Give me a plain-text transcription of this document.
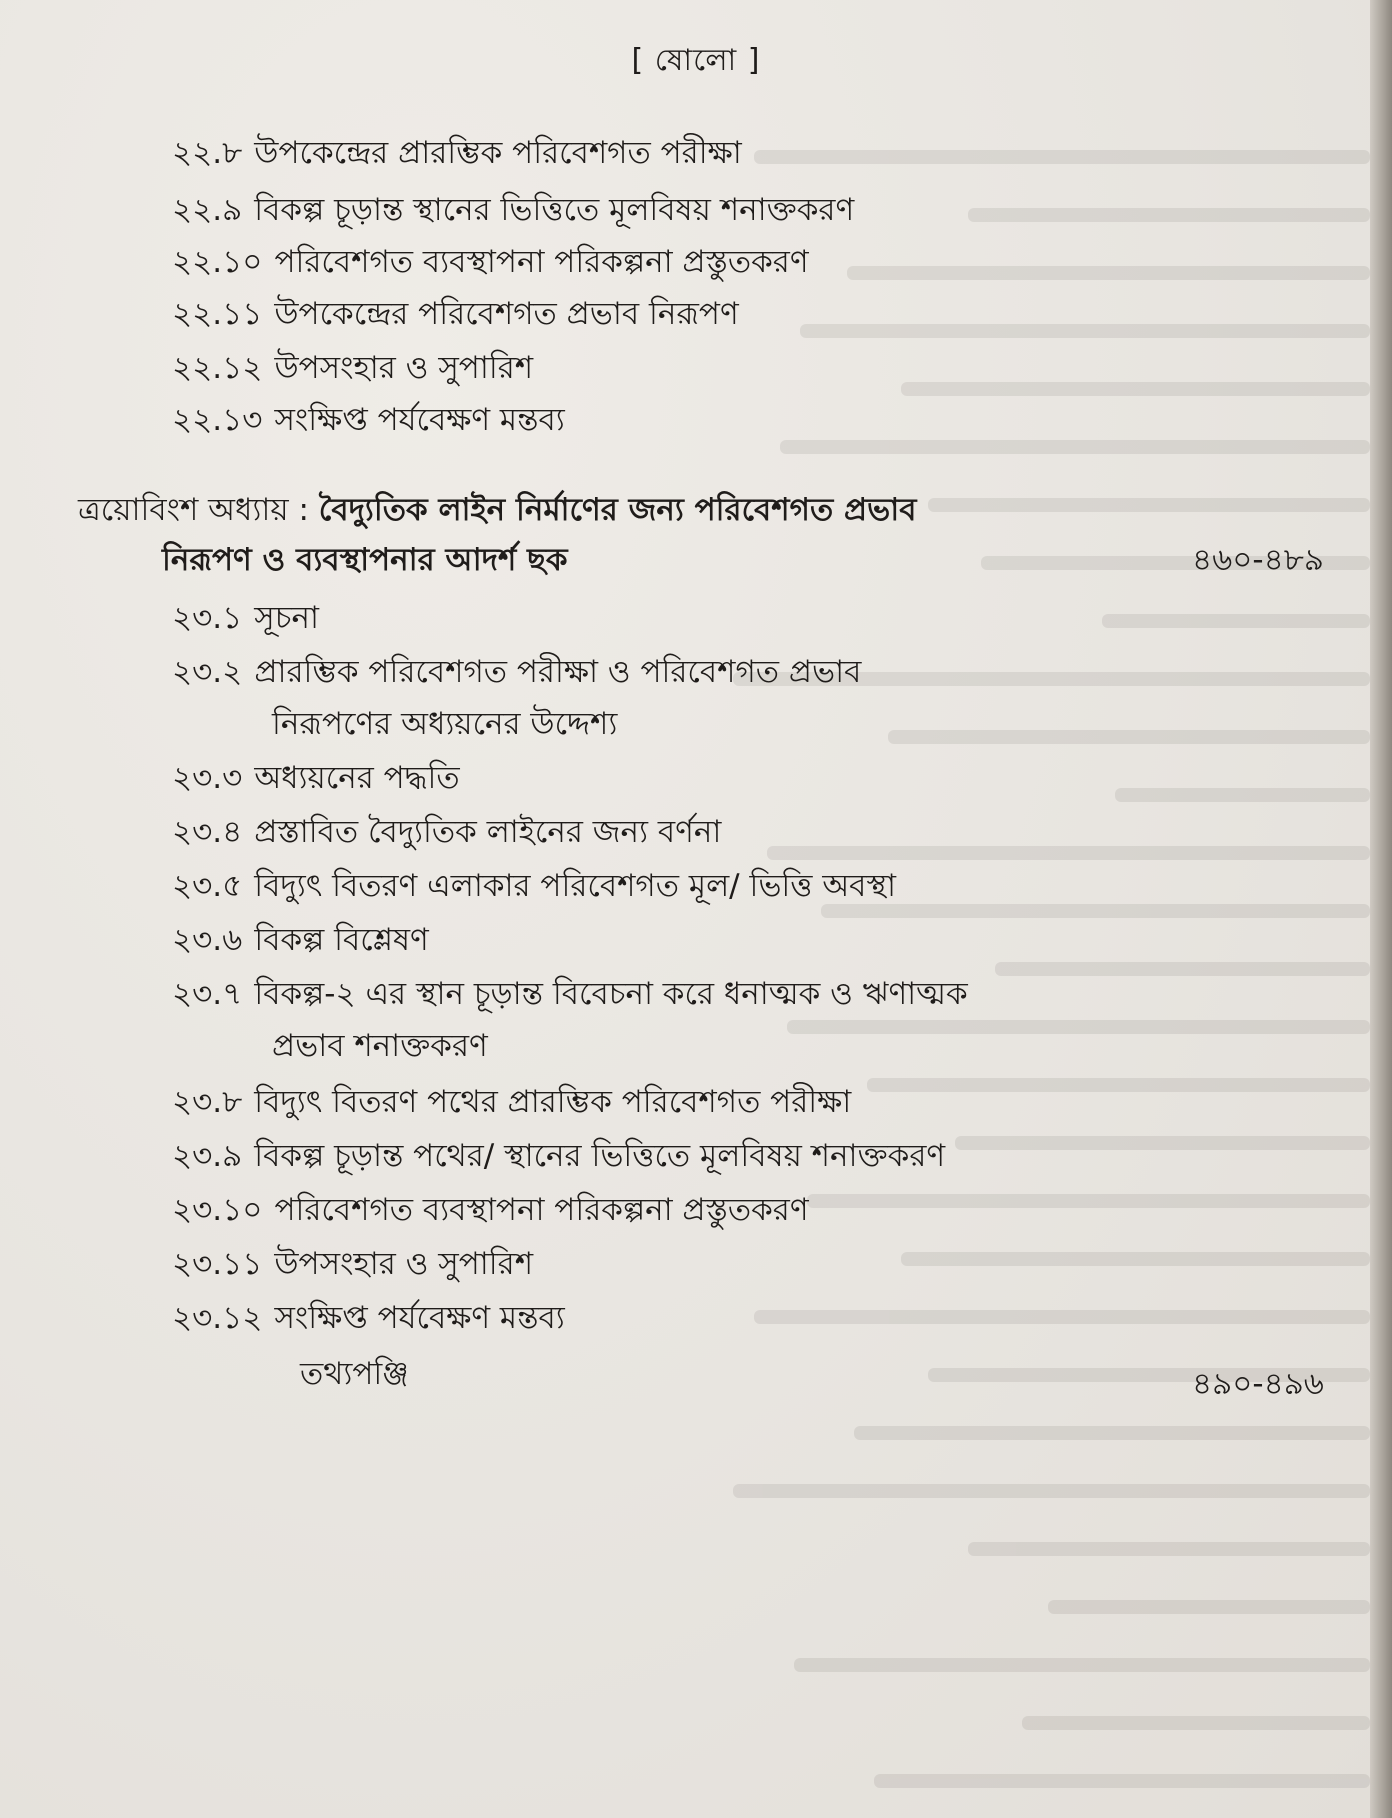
[ ষোলো ]
২২.৮ উপকেন্দ্রের প্রারম্ভিক পরিবেশগত পরীক্ষা
২২.৯ বিকল্প চূড়ান্ত স্থানের ভিত্তিতে মূলবিষয় শনাক্তকরণ
২২.১০ পরিবেশগত ব্যবস্থাপনা পরিকল্পনা প্রস্তুতকরণ
২২.১১ উপকেন্দ্রের পরিবেশগত প্রভাব নিরূপণ
২২.১২ উপসংহার ও সুপারিশ
২২.১৩ সংক্ষিপ্ত পর্যবেক্ষণ মন্তব্য
ত্রয়োবিংশ অধ্যায় : বৈদ্যুতিক লাইন নির্মাণের জন্য পরিবেশগত প্রভাব
নিরূপণ ও ব্যবস্থাপনার আদর্শ ছক	৪৬০-৪৮৯
২৩.১ সূচনা
২৩.২ প্রারম্ভিক পরিবেশগত পরীক্ষা ও পরিবেশগত প্রভাব
নিরূপণের অধ্যয়নের উদ্দেশ্য
২৩.৩ অধ্যয়নের পদ্ধতি
২৩.৪ প্রস্তাবিত বৈদ্যুতিক লাইনের জন্য বর্ণনা
২৩.৫ বিদ্যুৎ বিতরণ এলাকার পরিবেশগত মূল/ ভিত্তি অবস্থা
২৩.৬ বিকল্প বিশ্লেষণ
২৩.৭ বিকল্প-২ এর স্থান চূড়ান্ত বিবেচনা করে ধনাত্মক ও ঋণাত্মক
প্রভাব শনাক্তকরণ
২৩.৮ বিদ্যুৎ বিতরণ পথের প্রারম্ভিক পরিবেশগত পরীক্ষা
২৩.৯ বিকল্প চূড়ান্ত পথের/ স্থানের ভিত্তিতে মূলবিষয় শনাক্তকরণ
২৩.১০ পরিবেশগত ব্যবস্থাপনা পরিকল্পনা প্রস্তুতকরণ
২৩.১১ উপসংহার ও সুপারিশ
২৩.১২ সংক্ষিপ্ত পর্যবেক্ষণ মন্তব্য
তথ্যপঞ্জি	৪৯০-৪৯৬
